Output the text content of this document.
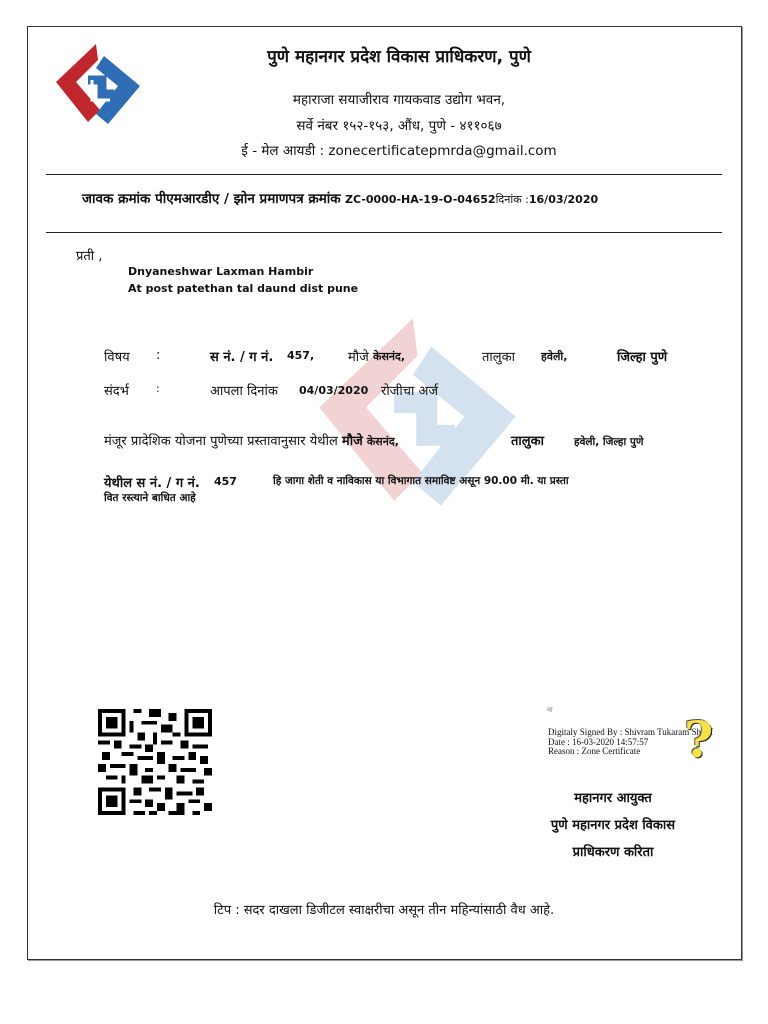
पुणे महानगर प्रदेश विकास प्राधिकरण, पुणे
महाराजा सयाजीराव गायकवाड उद्योग भवन,
सर्वे नंबर १५२-१५३, औंध, पुणे - ४११०६७
ई - मेल आयडी : zonecertificatepmrda@gmail.com
जावक क्रमांक पीएमआरडीए / झोन प्रमाणपत्र क्रमांक ZC-0000-HA-19-O-04652दिनांक :16/03/2020
प्रती ,
Dnyaneshwar Laxman Hambir
At post patethan tal daund dist pune
विषय :	स नं. / ग नं. 457,	मौजे केसनंद,	तालुका हवेली,	जिल्हा पुणे
संदर्भ :	आपला दिनांक 04/03/2020 रोजीचा अर्ज
मंजूर प्रादेशिक योजना पुणेच्या प्रस्तावानुसार येथील मौजे केसनंद,	तालुका	हवेली, जिल्हा पुणे
येथील स नं. / ग नं. 457	हि जागा शेती व नाविकास या विभागात समाविष्ट असून 90.00 मी. या प्रस्ता
वित रस्त्याने बाधित आहे
ना
Digitaly Signed By : Shivram Tukaram Shitaf
Date : 16-03-2020 14:57:57
Reason : Zone Certificate ?
महानगर आयुक्त
पुणे महानगर प्रदेश विकास
प्राधिकरण करिता
टिप : सदर दाखला डिजीटल स्वाक्षरीचा असून तीन महिन्यांसाठी वैध आहे.
